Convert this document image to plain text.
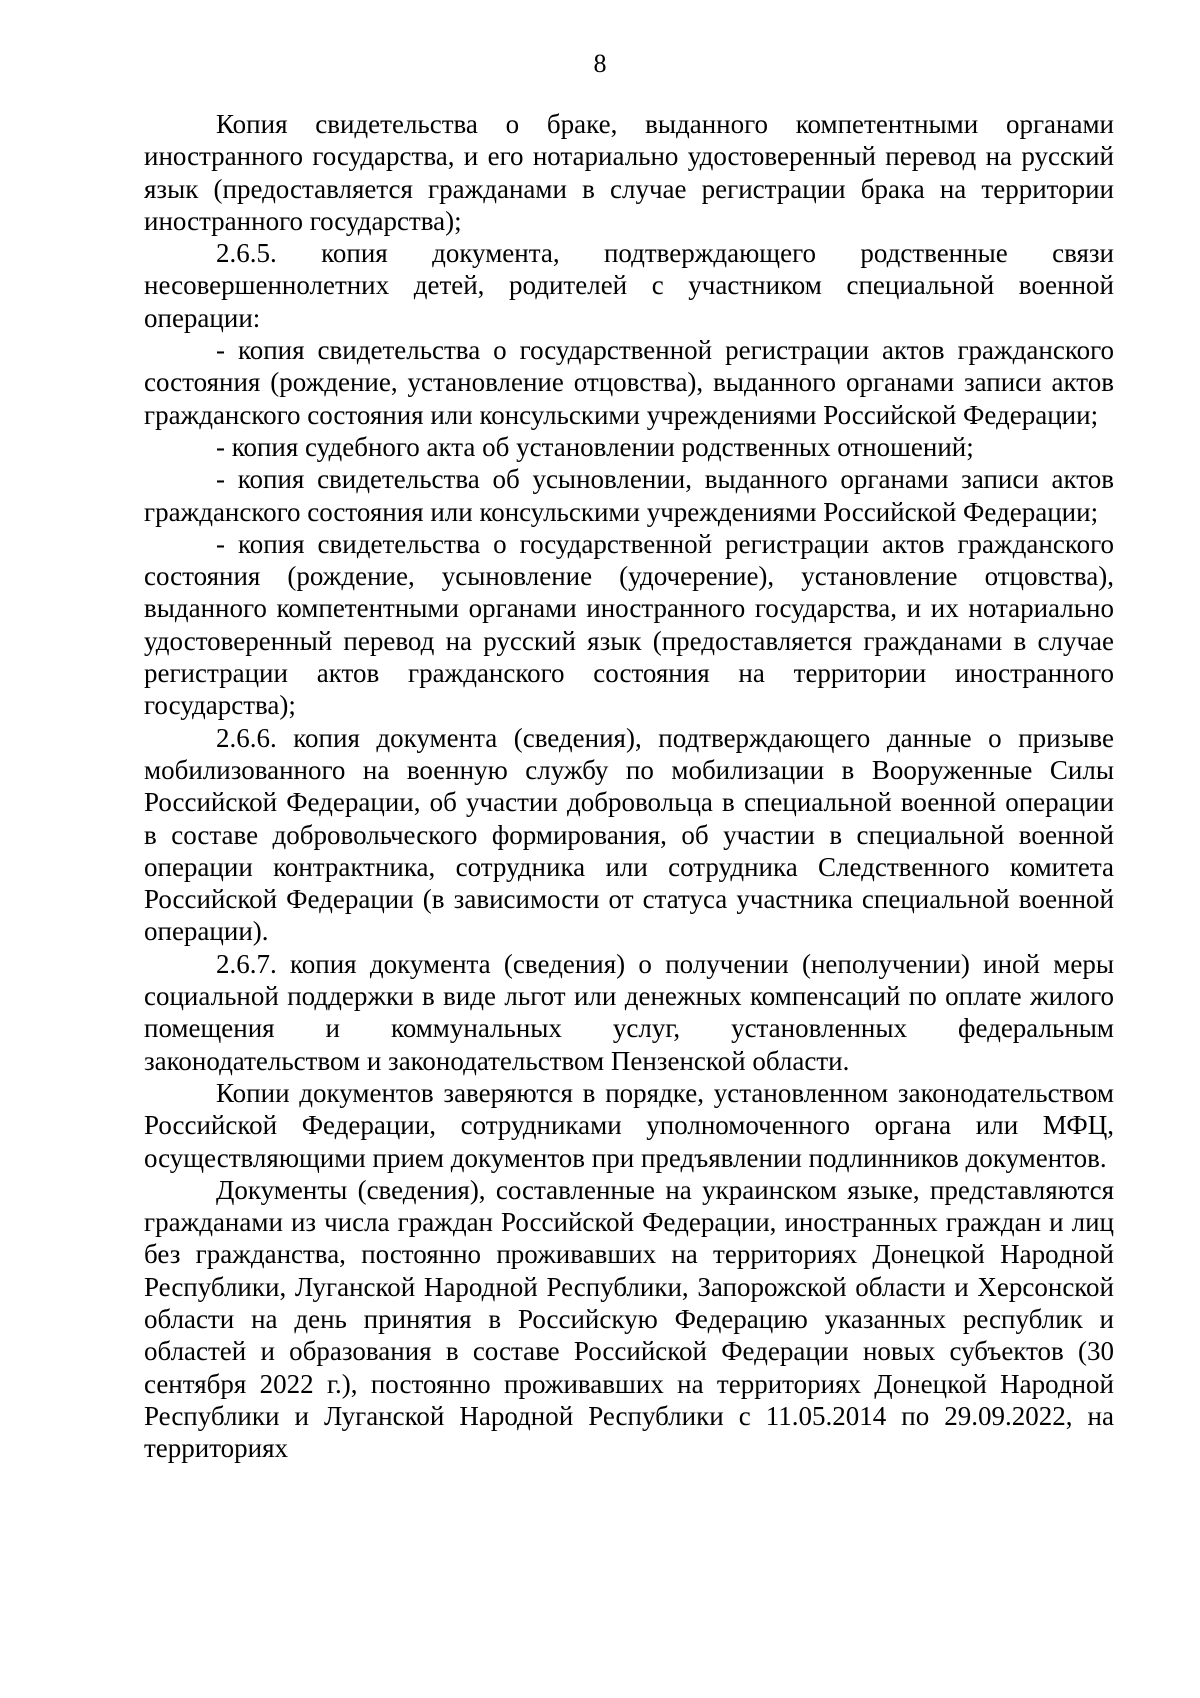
8

Копия свидетельства о браке, выданного компетентными органами иностранного государства, и его нотариально удостоверенный перевод на русский язык (предоставляется гражданами в случае регистрации брака на территории иностранного государства);

2.6.5. копия документа, подтверждающего родственные связи несовершеннолетних детей, родителей с участником специальной военной операции:

- копия свидетельства о государственной регистрации актов гражданского состояния (рождение, установление отцовства), выданного органами записи актов гражданского состояния или консульскими учреждениями Российской Федерации;

- копия судебного акта об установлении родственных отношений;

- копия свидетельства об усыновлении, выданного органами записи актов гражданского состояния или консульскими учреждениями Российской Федерации;

- копия свидетельства о государственной регистрации актов гражданского состояния (рождение, усыновление (удочерение), установление отцовства), выданного компетентными органами иностранного государства, и их нотариально удостоверенный перевод на русский язык (предоставляется гражданами в случае регистрации актов гражданского состояния на территории иностранного государства);

2.6.6. копия документа (сведения), подтверждающего данные о призыве мобилизованного на военную службу по мобилизации в Вооруженные Силы Российской Федерации, об участии добровольца в специальной военной операции в составе добровольческого формирования, об участии в специальной военной операции контрактника, сотрудника или сотрудника Следственного комитета Российской Федерации (в зависимости от статуса участника специальной военной операции).

2.6.7. копия документа (сведения) о получении (неполучении) иной меры социальной поддержки в виде льгот или денежных компенсаций по оплате жилого помещения и коммунальных услуг, установленных федеральным законодательством и законодательством Пензенской области.

Копии документов заверяются в порядке, установленном законодательством Российской Федерации, сотрудниками уполномоченного органа или МФЦ, осуществляющими прием документов при предъявлении подлинников документов.

Документы (сведения), составленные на украинском языке, представляются гражданами из числа граждан Российской Федерации, иностранных граждан и лиц без гражданства, постоянно проживавших на территориях Донецкой Народной Республики, Луганской Народной Республики, Запорожской области и Херсонской области на день принятия в Российскую Федерацию указанных республик и областей и образования в составе Российской Федерации новых субъектов (30 сентября 2022 г.), постоянно проживавших на территориях Донецкой Народной Республики и Луганской Народной Республики с 11.05.2014 по 29.09.2022, на территориях
